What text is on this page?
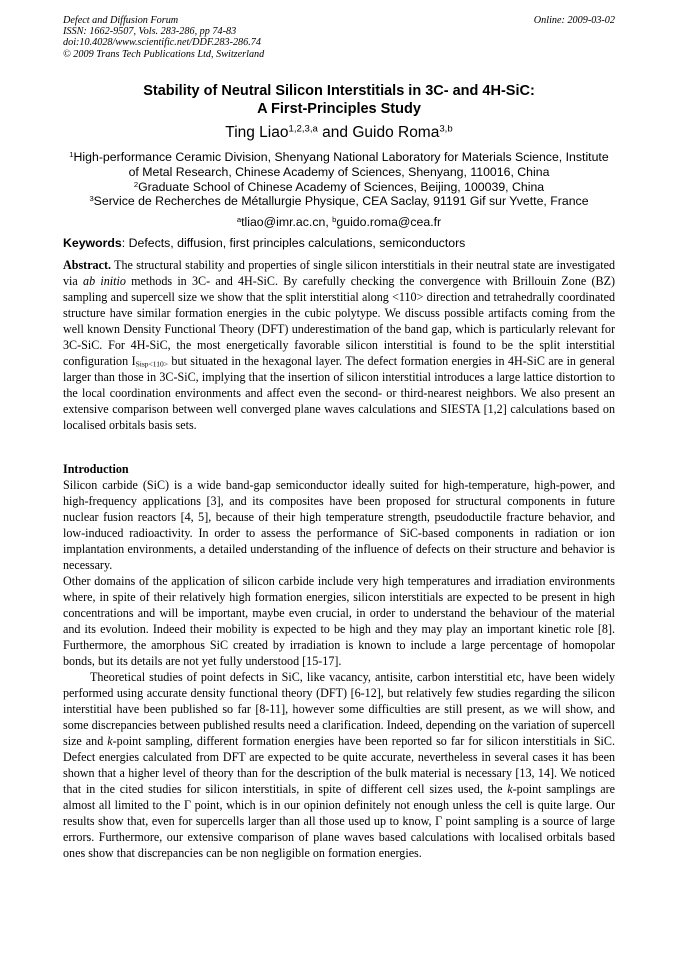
Defect and Diffusion Forum
ISSN: 1662-9507, Vols. 283-286, pp 74-83
doi:10.4028/www.scientific.net/DDF.283-286.74
© 2009 Trans Tech Publications Ltd, Switzerland
Online: 2009-03-02
Stability of Neutral Silicon Interstitials in 3C- and 4H-SiC:
A First-Principles Study
Ting Liao$^{1,2,3,a}$ and Guido Roma$^{3,b}$
$^1$High-performance Ceramic Division, Shenyang National Laboratory for Materials Science, Institute
of Metal Research, Chinese Academy of Sciences, Shenyang, 110016, China
$^2$Graduate School of Chinese Academy of Sciences, Beijing, 100039, China
$^3$Service de Recherches de Métallurgie Physique, CEA Saclay, 91191 Gif sur Yvette, France
$^a$tliao@imr.ac.cn, $^b$guido.roma@cea.fr
Keywords: Defects, diffusion, first principles calculations, semiconductors

Abstract. The structural stability and properties of single silicon interstitials in their neutral state are investigated via ab initio methods in 3C- and 4H-SiC. By carefully checking the convergence with Brillouin Zone (BZ) sampling and supercell size we show that the split interstitial along <110> direction and tetrahedrally coordinated structure have similar formation energies in the cubic polytype. We discuss possible artifacts coming from the well known Density Functional Theory (DFT) underestimation of the band gap, which is particularly relevant for 3C-SiC. For 4H-SiC, the most energetically favorable silicon interstitial is found to be the split interstitial configuration $I_{Sisp<110>}$ but situated in the hexagonal layer. The defect formation energies in 4H-SiC are in general larger than those in 3C-SiC, implying that the insertion of silicon interstitial introduces a large lattice distortion to the local coordination environments and affect even the second- or third-nearest neighbors. We also present an extensive comparison between well converged plane waves calculations and SIESTA [1,2] calculations based on localised orbitals basis sets.

Introduction

Silicon carbide (SiC) is a wide band-gap semiconductor ideally suited for high-temperature, high-power, and high-frequency applications [3], and its composites have been proposed for structural components in future nuclear fusion reactors [4, 5], because of their high temperature strength, pseudoductile fracture behavior, and low-induced radioactivity. In order to assess the performance of SiC-based components in radiation or ion implantation environments, a detailed understanding of the influence of defects on their structure and behavior is necessary.

Other domains of the application of silicon carbide include very high temperatures and irradiation environments where, in spite of their relatively high formation energies, silicon interstitials are expected to be present in high concentrations and will be important, maybe even crucial, in order to understand the behaviour of the material and its evolution. Indeed their mobility is expected to be high and they may play an important kinetic role [8]. Furthermore, the amorphous SiC created by irradiation is known to include a large percentage of homopolar bonds, but its details are not yet fully understood [15-17].

Theoretical studies of point defects in SiC, like vacancy, antisite, carbon interstitial etc, have been widely performed using accurate density functional theory (DFT) [6-12], but relatively few studies regarding the silicon interstitial have been published so far [8-11], however some difficulties are still present, as we will show, and some discrepancies between published results need a clarification. Indeed, depending on the variation of supercell size and k-point sampling, different formation energies have been reported so far for silicon interstitials in SiC. Defect energies calculated from DFT are expected to be quite accurate, nevertheless in several cases it has been shown that a higher level of theory than for the description of the bulk material is necessary [13, 14]. We noticed that in the cited studies for silicon interstitials, in spite of different cell sizes used, the k-point samplings are almost all limited to the Γ point, which is in our opinion definitely not enough unless the cell is quite large. Our results show that, even for supercells larger than all those used up to know, Γ point sampling is a source of large errors. Furthermore, our extensive comparison of plane waves based calculations with localised orbitals based ones show that discrepancies can be non negligible on formation energies.
